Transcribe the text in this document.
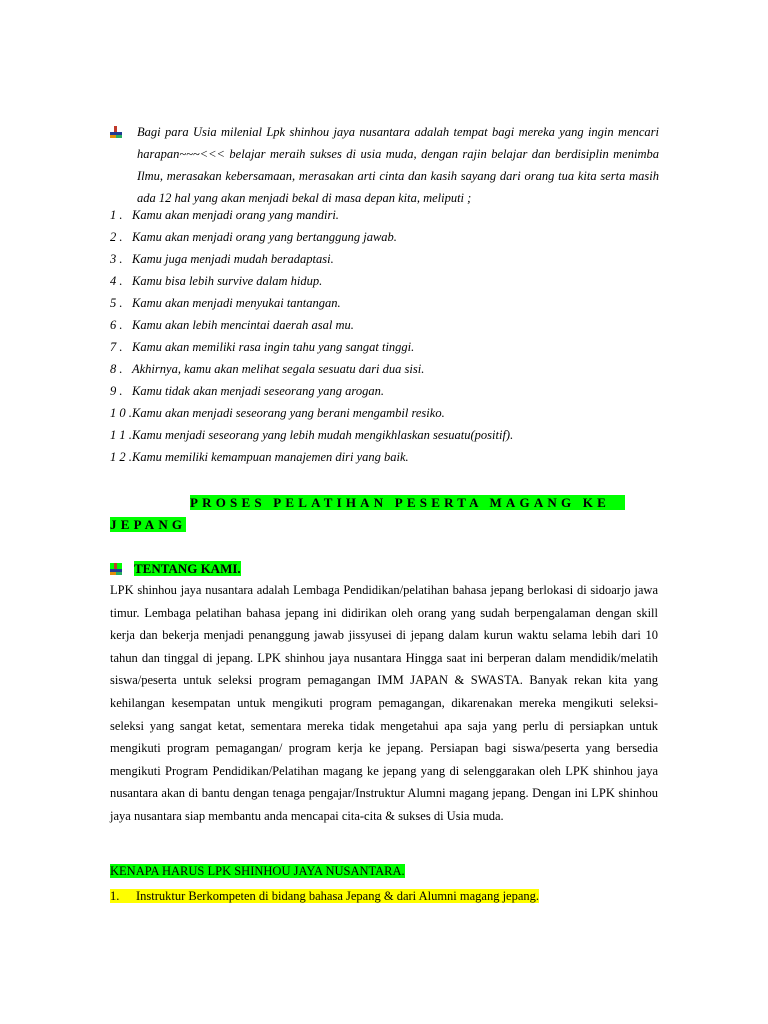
Bagi para Usia milenial Lpk shinhou jaya nusantara adalah tempat bagi mereka yang ingin mencari harapan~~~<<< belajar meraih sukses di usia muda, dengan rajin belajar dan berdisiplin menimba Ilmu, merasakan kebersamaan, merasakan arti cinta dan kasih sayang dari orang tua kita serta masih ada 12 hal yang akan menjadi bekal di masa depan kita, meliputi ;
1 . Kamu akan menjadi orang yang mandiri.
2 . Kamu akan menjadi orang yang bertanggung jawab.
3 . Kamu juga menjadi mudah beradaptasi.
4 . Kamu bisa lebih survive dalam hidup.
5 . Kamu akan menjadi menyukai tantangan.
6 . Kamu akan lebih mencintai daerah asal mu.
7 . Kamu akan memiliki rasa ingin tahu yang sangat tinggi.
8 . Akhirnya, kamu akan melihat segala sesuatu dari dua sisi.
9 . Kamu tidak akan menjadi seseorang yang arogan.
1 0 .Kamu akan menjadi seseorang yang berani mengambil resiko.
1 1 .Kamu menjadi seseorang yang lebih mudah mengikhlaskan sesuatu(positif).
1 2 .Kamu memiliki kemampuan manajemen diri yang baik.
PROSES PELATIHAN PESERTA MAGANG KE
JEPANG
TENTANG KAMI.
LPK shinhou jaya nusantara adalah Lembaga Pendidikan/pelatihan bahasa jepang berlokasi di sidoarjo jawa timur. Lembaga pelatihan bahasa jepang ini didirikan oleh orang yang sudah berpengalaman dengan skill kerja dan bekerja menjadi penanggung jawab jissyusei di jepang dalam kurun waktu selama lebih dari 10 tahun dan tinggal di jepang. LPK shinhou jaya nusantara Hingga saat ini berperan dalam mendidik/melatih siswa/peserta untuk seleksi program pemagangan IMM JAPAN & SWASTA. Banyak rekan kita yang kehilangan kesempatan untuk mengikuti program pemagangan, dikarenakan mereka mengikuti seleksi-seleksi yang sangat ketat, sementara mereka tidak mengetahui apa saja yang perlu di persiapkan untuk mengikuti program pemagangan/ program kerja ke jepang. Persiapan bagi siswa/peserta yang bersedia mengikuti Program Pendidikan/Pelatihan magang ke jepang yang di selenggarakan oleh LPK shinhou jaya nusantara akan di bantu dengan tenaga pengajar/Instruktur Alumni magang jepang. Dengan ini LPK shinhou jaya nusantara siap membantu anda mencapai cita-cita & sukses di Usia muda.
KENAPA HARUS LPK SHINHOU JAYA NUSANTARA.
1. Instruktur Berkompeten di bidang bahasa Jepang & dari Alumni magang jepang.
